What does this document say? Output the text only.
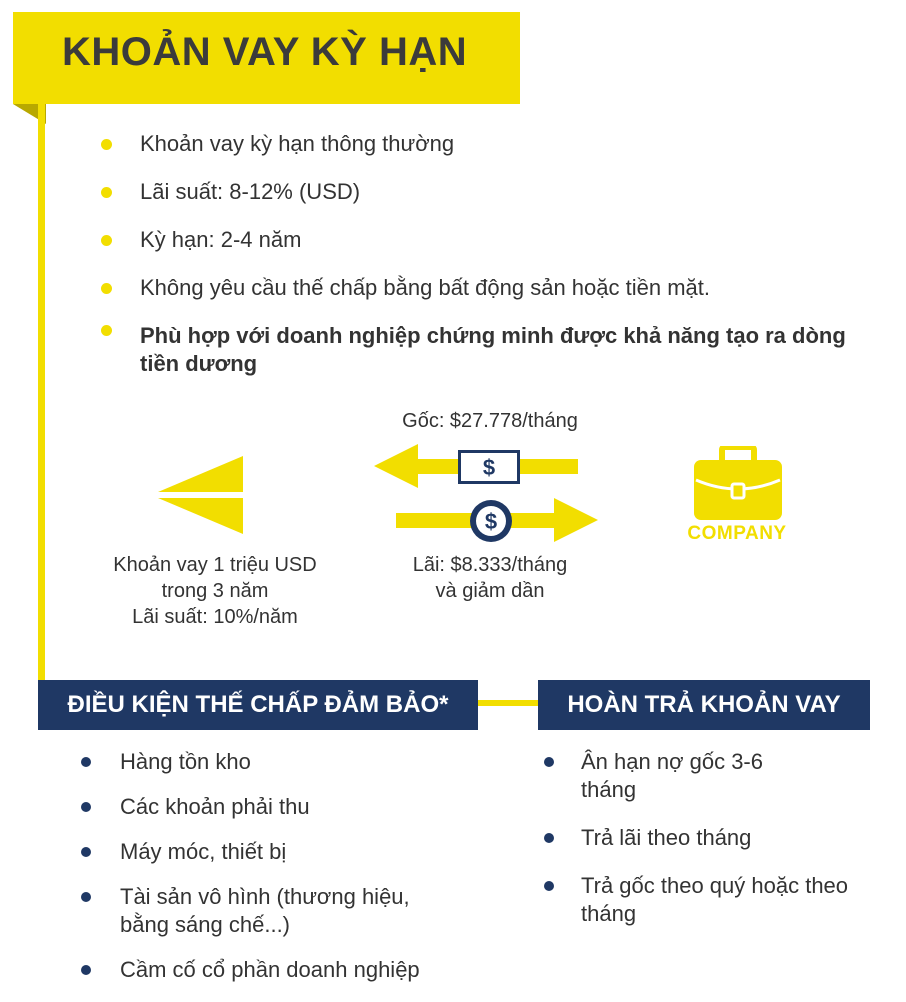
KHOẢN VAY KỲ HẠN
Khoản vay kỳ hạn thông thường
Lãi suất: 8-12% (USD)
Kỳ hạn: 2-4 năm
Không yêu cầu thế chấp bằng bất động sản hoặc tiền mặt.
Phù hợp với doanh nghiệp chứng minh được khả năng tạo ra dòng tiền dương
$
$	COMPANY
Gốc: $27.778/tháng
Lãi: $8.333/tháng
và giảm dần
Khoản vay 1 triệu USD
trong 3 năm
Lãi suất: 10%/năm
ĐIỀU KIỆN THẾ CHẤP ĐẢM BẢO*	HOÀN TRẢ KHOẢN VAY
Hàng tồn kho
Các khoản phải thu
Máy móc, thiết bị
Tài sản vô hình (thương hiệu, bằng sáng chế...)
Cầm cố cổ phần doanh nghiệp
Ân hạn nợ gốc 3-6 tháng
Trả lãi theo tháng
Trả gốc theo quý hoặc theo tháng
